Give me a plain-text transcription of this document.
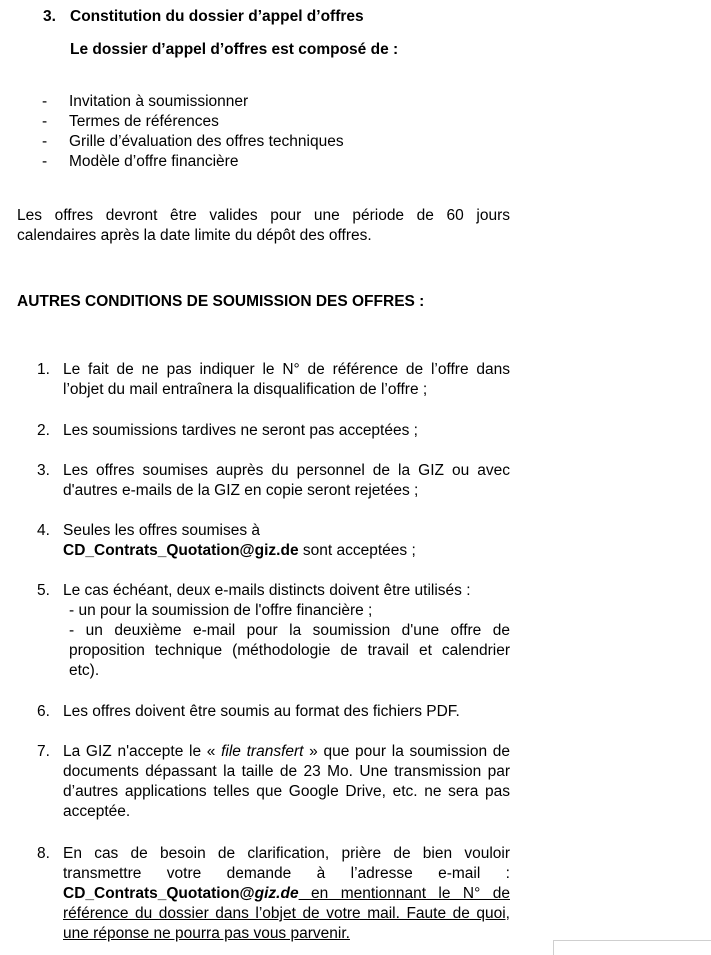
3. Constitution du dossier d’appel d’offres
Le dossier d’appel d’offres est composé de :
- Invitation à soumissionner
- Termes de références
- Grille d’évaluation des offres techniques
- Modèle d’offre financière
Les offres devront être valides pour une période de 60 jours
calendaires après la date limite du dépôt des offres.
AUTRES CONDITIONS DE SOUMISSION DES OFFRES :
1. Le fait de ne pas indiquer le N° de référence de l’offre dans
l’objet du mail entraînera la disqualification de l’offre ;
2. Les soumissions tardives ne seront pas acceptées ;
3. Les offres soumises auprès du personnel de la GIZ ou avec
d'autres e-mails de la GIZ en copie seront rejetées ;
4. Seules les offres soumises à
CD_Contrats_Quotation@giz.de sont acceptées ;
5. Le cas échéant, deux e-mails distincts doivent être utilisés :
- un pour la soumission de l'offre financière ;
- un deuxième e-mail pour la soumission d'une offre de
proposition technique (méthodologie de travail et calendrier
etc).
6. Les offres doivent être soumis au format des fichiers PDF.
7. La GIZ n'accepte le « file transfert » que pour la soumission de
documents dépassant la taille de 23 Mo. Une transmission par
d’autres applications telles que Google Drive, etc. ne sera pas
acceptée.
8. En cas de besoin de clarification, prière de bien vouloir
transmettre votre demande à l’adresse e-mail :
CD_Contrats_Quotation@giz.de en mentionnant le N° de
référence du dossier dans l’objet de votre mail. Faute de quoi,
une réponse ne pourra pas vous parvenir.
